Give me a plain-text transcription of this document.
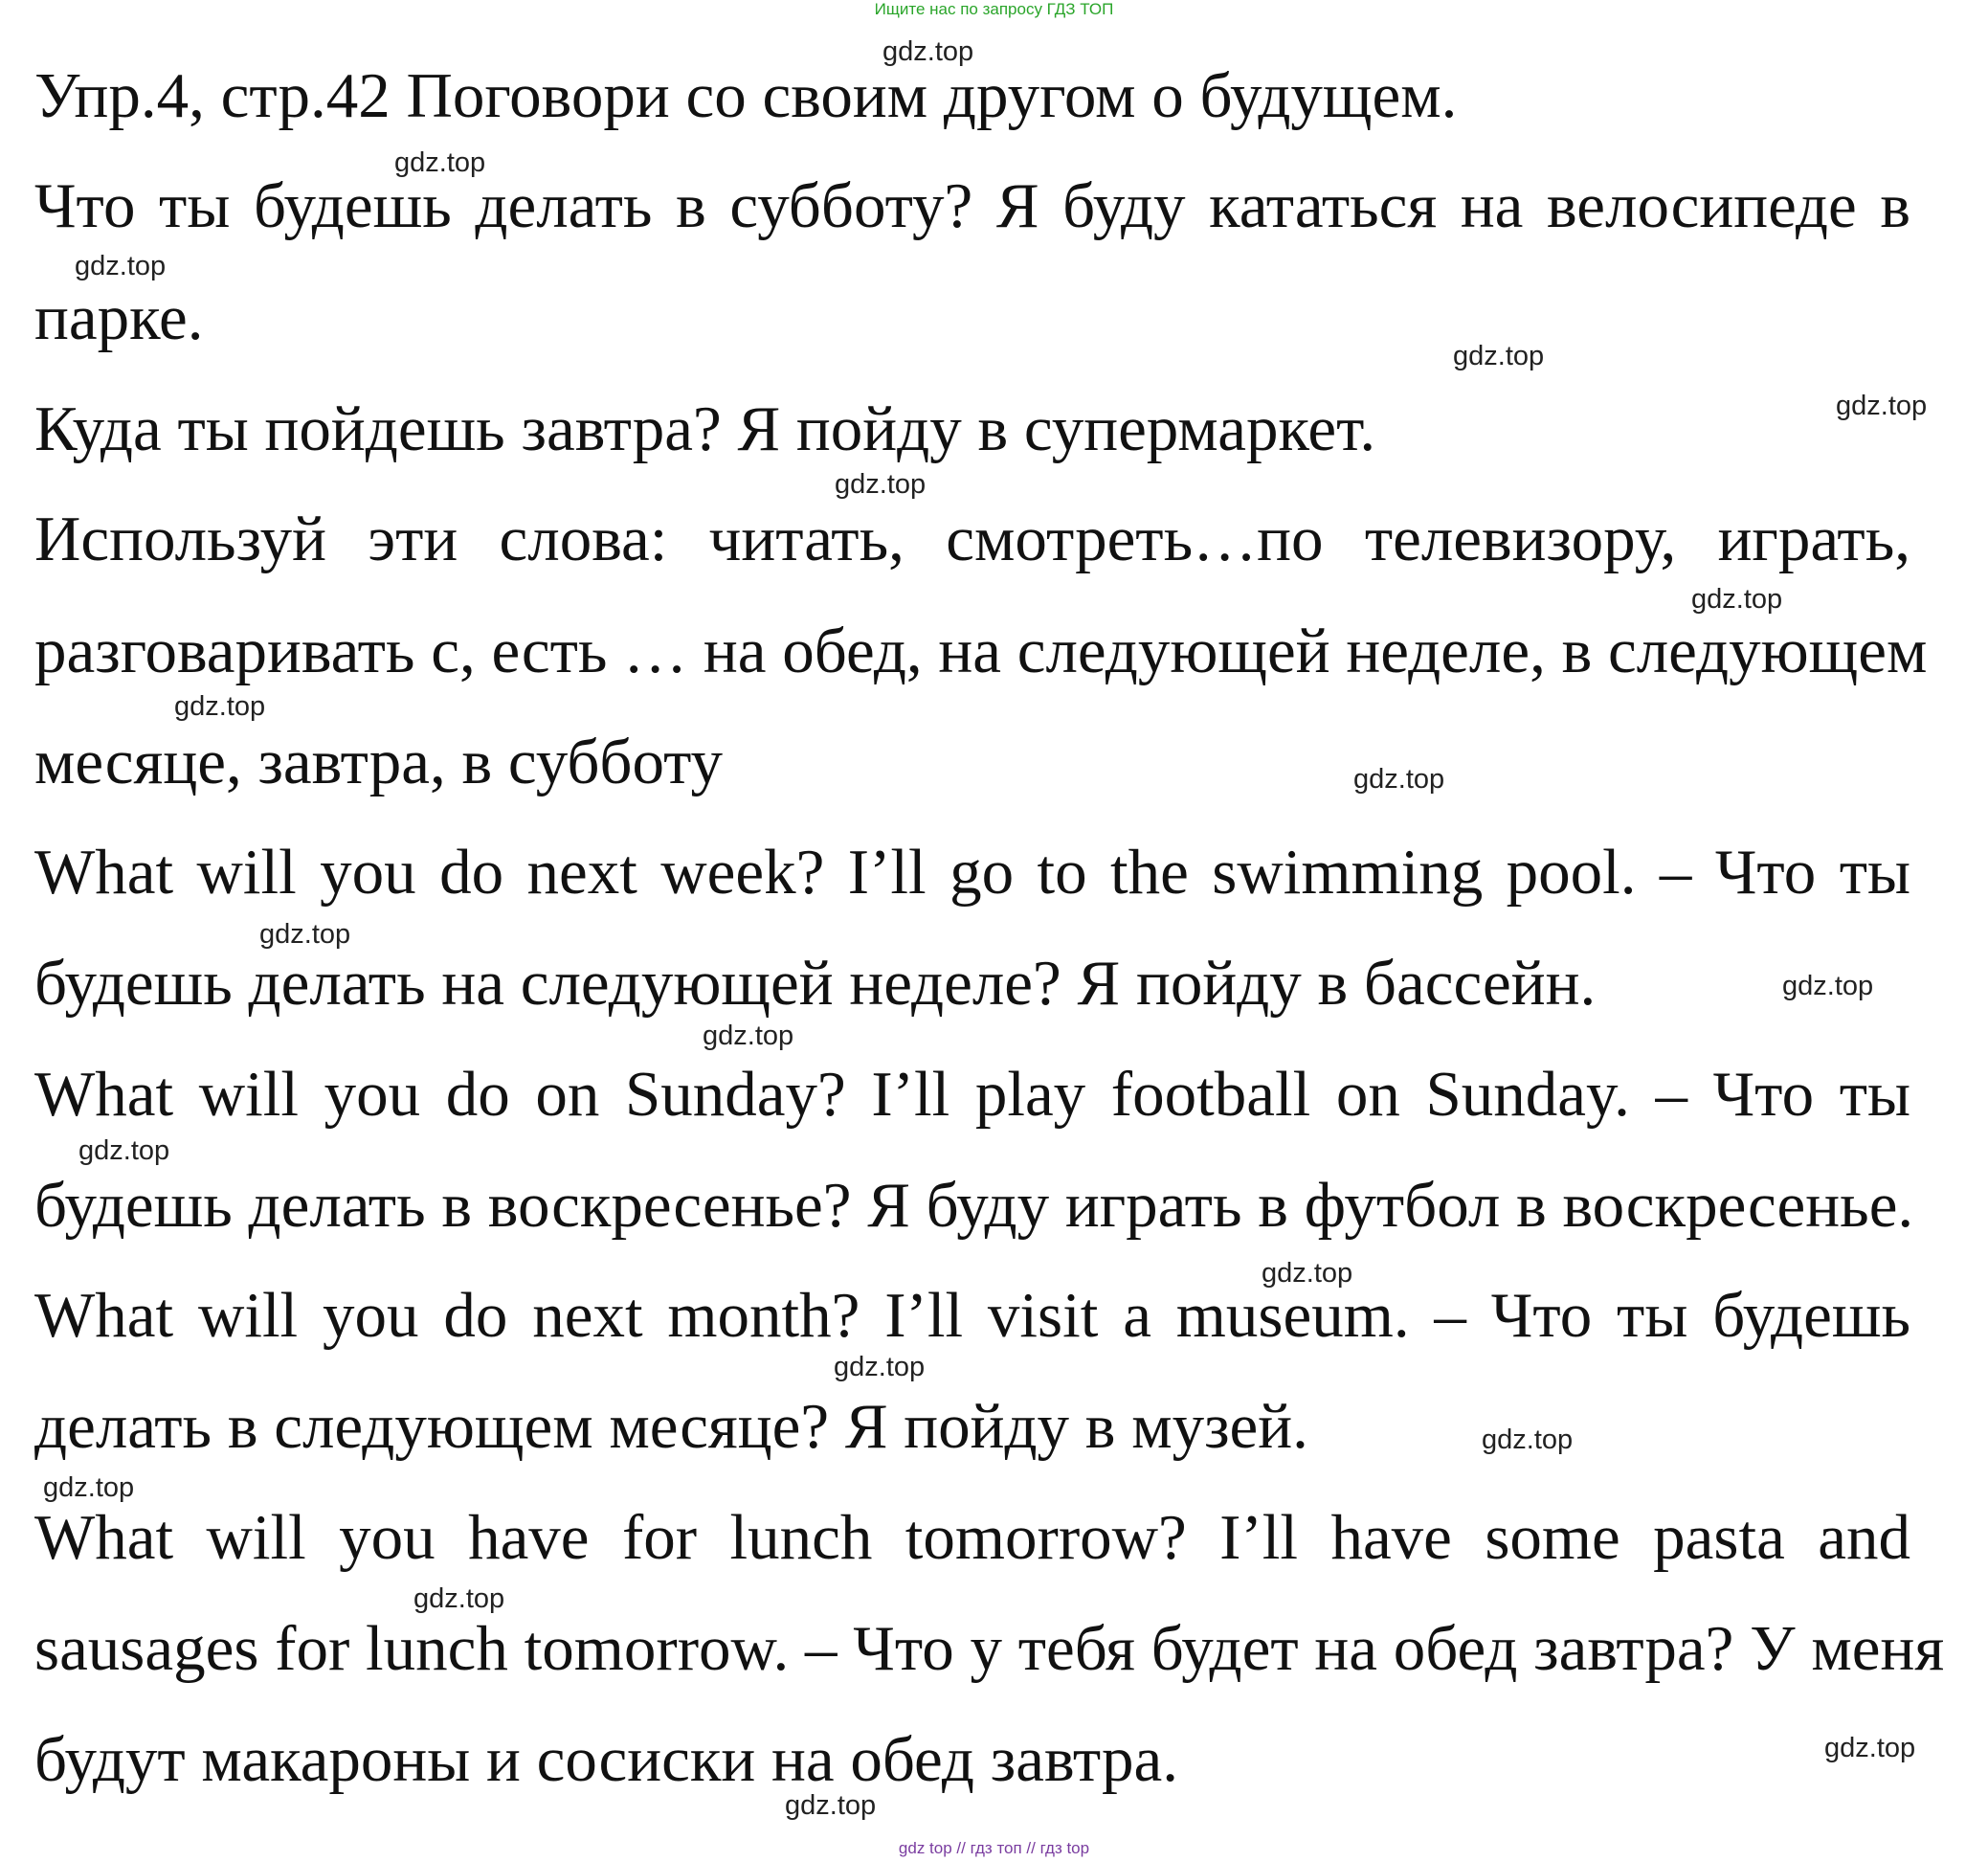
Ищите нас по запросу ГДЗ ТОП
Упр.4, стр.42 Поговори со своим другом о будущем.
Что ты будешь делать в субботу? Я буду кататься на велосипеде в
парке.
Куда ты пойдешь завтра? Я пойду в супермаркет.
Используй эти слова: читать, смотреть…по телевизору, играть,
разговаривать с, есть … на обед, на следующей неделе, в следующем
месяце, завтра, в субботу
What will you do next week? I’ll go to the swimming pool. – Что ты
будешь делать на следующей неделе? Я пойду в бассейн.
What will you do on Sunday? I’ll play football on Sunday. – Что ты
будешь делать в воскресенье? Я буду играть в футбол в воскресенье.
What will you do next month? I’ll visit a museum. – Что ты будешь
делать в следующем месяце? Я пойду в музей.
What will you have for lunch tomorrow? I’ll have some pasta and
sausages for lunch tomorrow. – Что у тебя будет на обед завтра? У меня
будут макароны и сосиски на обед завтра.
gdz.top
gdz.top
gdz.top
gdz.top
gdz.top
gdz.top
gdz.top
gdz.top
gdz.top
gdz.top
gdz.top
gdz.top
gdz.top
gdz.top
gdz.top
gdz.top
gdz.top
gdz.top
gdz.top
gdz.top
gdz top // гдз топ // гдз top
